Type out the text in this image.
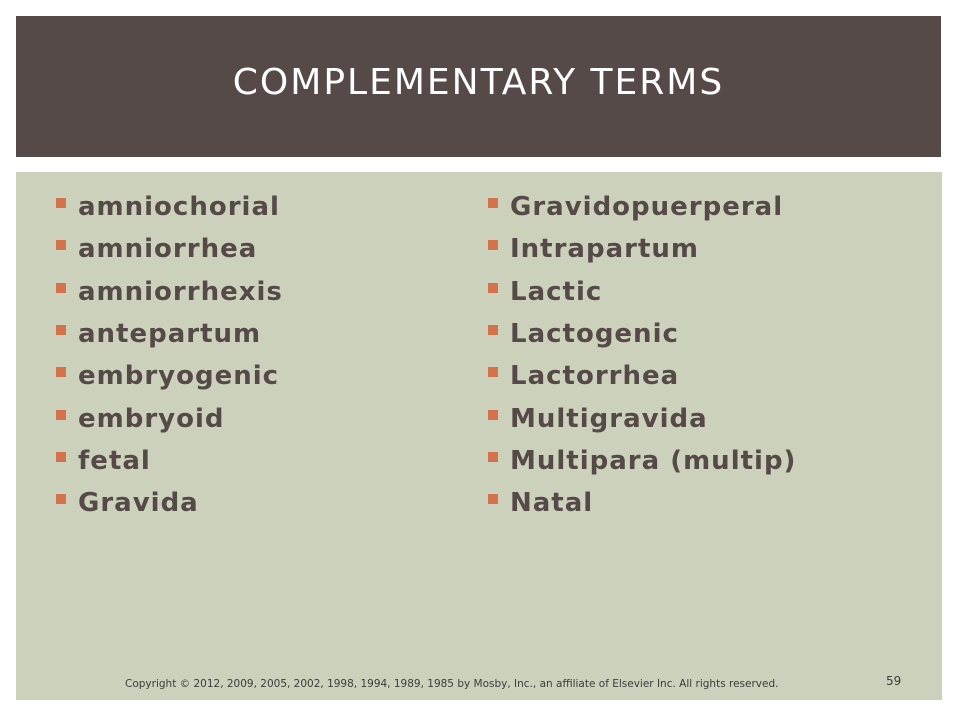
COMPLEMENTARY TERMS
amniochorial
amniorrhea
amniorrhexis
antepartum
embryogenic
embryoid
fetal
Gravida
Gravidopuerperal
Intrapartum
Lactic
Lactogenic
Lactorrhea
Multigravida
Multipara (multip)
Natal
Copyright © 2012, 2009, 2005, 2002, 1998, 1994, 1989, 1985 by Mosby, Inc., an affiliate of Elsevier Inc. All rights reserved.	59
